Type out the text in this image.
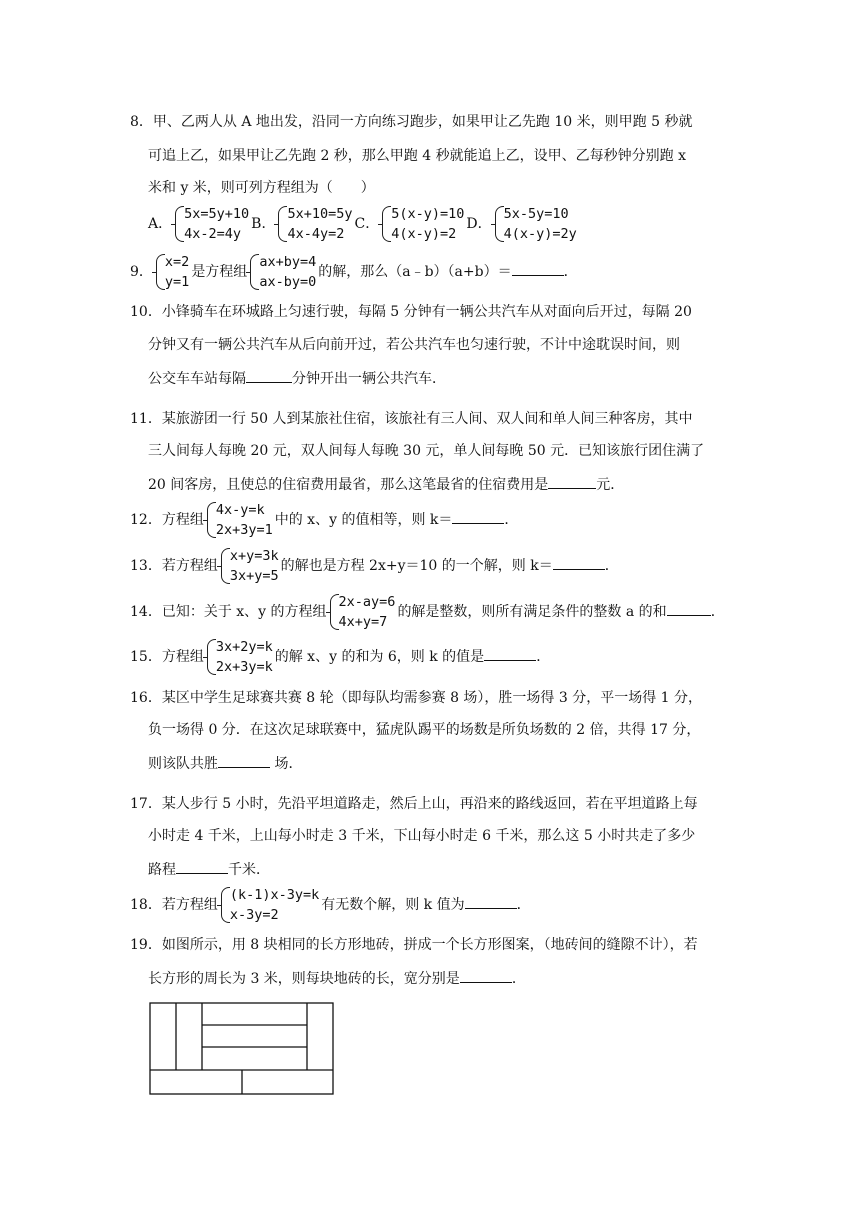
8．甲、乙两人从 A 地出发，沿同一方向练习跑步，如果甲让乙先跑 10 米，则甲跑 5 秒就
可追上乙，如果甲让乙先跑 2 秒，那么甲跑 4 秒就能追上乙，设甲、乙每秒钟分别跑 x
米和 y 米，则可列方程组为（　　）
A．
5x=5y+10
4x-2=4y
B．
5x+10=5y
4x-4y=2
C．
5(x-y)=10
4(x-y)=2
D．
5x-5y=10
4(x-y)=2y
9．
x=2
y=1
是方程组
ax+by=4
ax-by=0
的解，那么（a﹣b）（a+b）＝	．
10．小锋骑车在环城路上匀速行驶，每隔 5 分钟有一辆公共汽车从对面向后开过，每隔 20
分钟又有一辆公共汽车从后向前开过，若公共汽车也匀速行驶，不计中途耽误时间，则
公交车车站每隔	分钟开出一辆公共汽车．
11．某旅游团一行 50 人到某旅社住宿，该旅社有三人间、双人间和单人间三种客房，其中
三人间每人每晚 20 元，双人间每人每晚 30 元，单人间每晚 50 元．已知该旅行团住满了
20 间客房，且使总的住宿费用最省，那么这笔最省的住宿费用是	元．
12．方程组
4x-y=k
2x+3y=1
中的 x、y 的值相等，则 k＝	．
13．若方程组
x+y=3k
3x+y=5
的解也是方程 2x+y＝10 的一个解，则 k＝	．
14．已知：关于 x、y 的方程组
2x-ay=6
4x+y=7
的解是整数，则所有满足条件的整数 a 的和	．
15．方程组
3x+2y=k
2x+3y=k
的解 x、y 的和为 6，则 k 的值是	．
16．某区中学生足球赛共赛 8 轮（即每队均需参赛 8 场），胜一场得 3 分，平一场得 1 分，
负一场得 0 分．在这次足球联赛中，猛虎队踢平的场数是所负场数的 2 倍，共得 17 分，
则该队共胜	场．
17．某人步行 5 小时，先沿平坦道路走，然后上山，再沿来的路线返回，若在平坦道路上每
小时走 4 千米，上山每小时走 3 千米，下山每小时走 6 千米，那么这 5 小时共走了多少
路程	千米．
18．若方程组
(k-1)x-3y=k
x-3y=2
有无数个解，则 k 值为	．
19．如图所示，用 8 块相同的长方形地砖，拼成一个长方形图案，（地砖间的缝隙不计），若
长方形的周长为 3 米，则每块地砖的长，宽分别是	．
